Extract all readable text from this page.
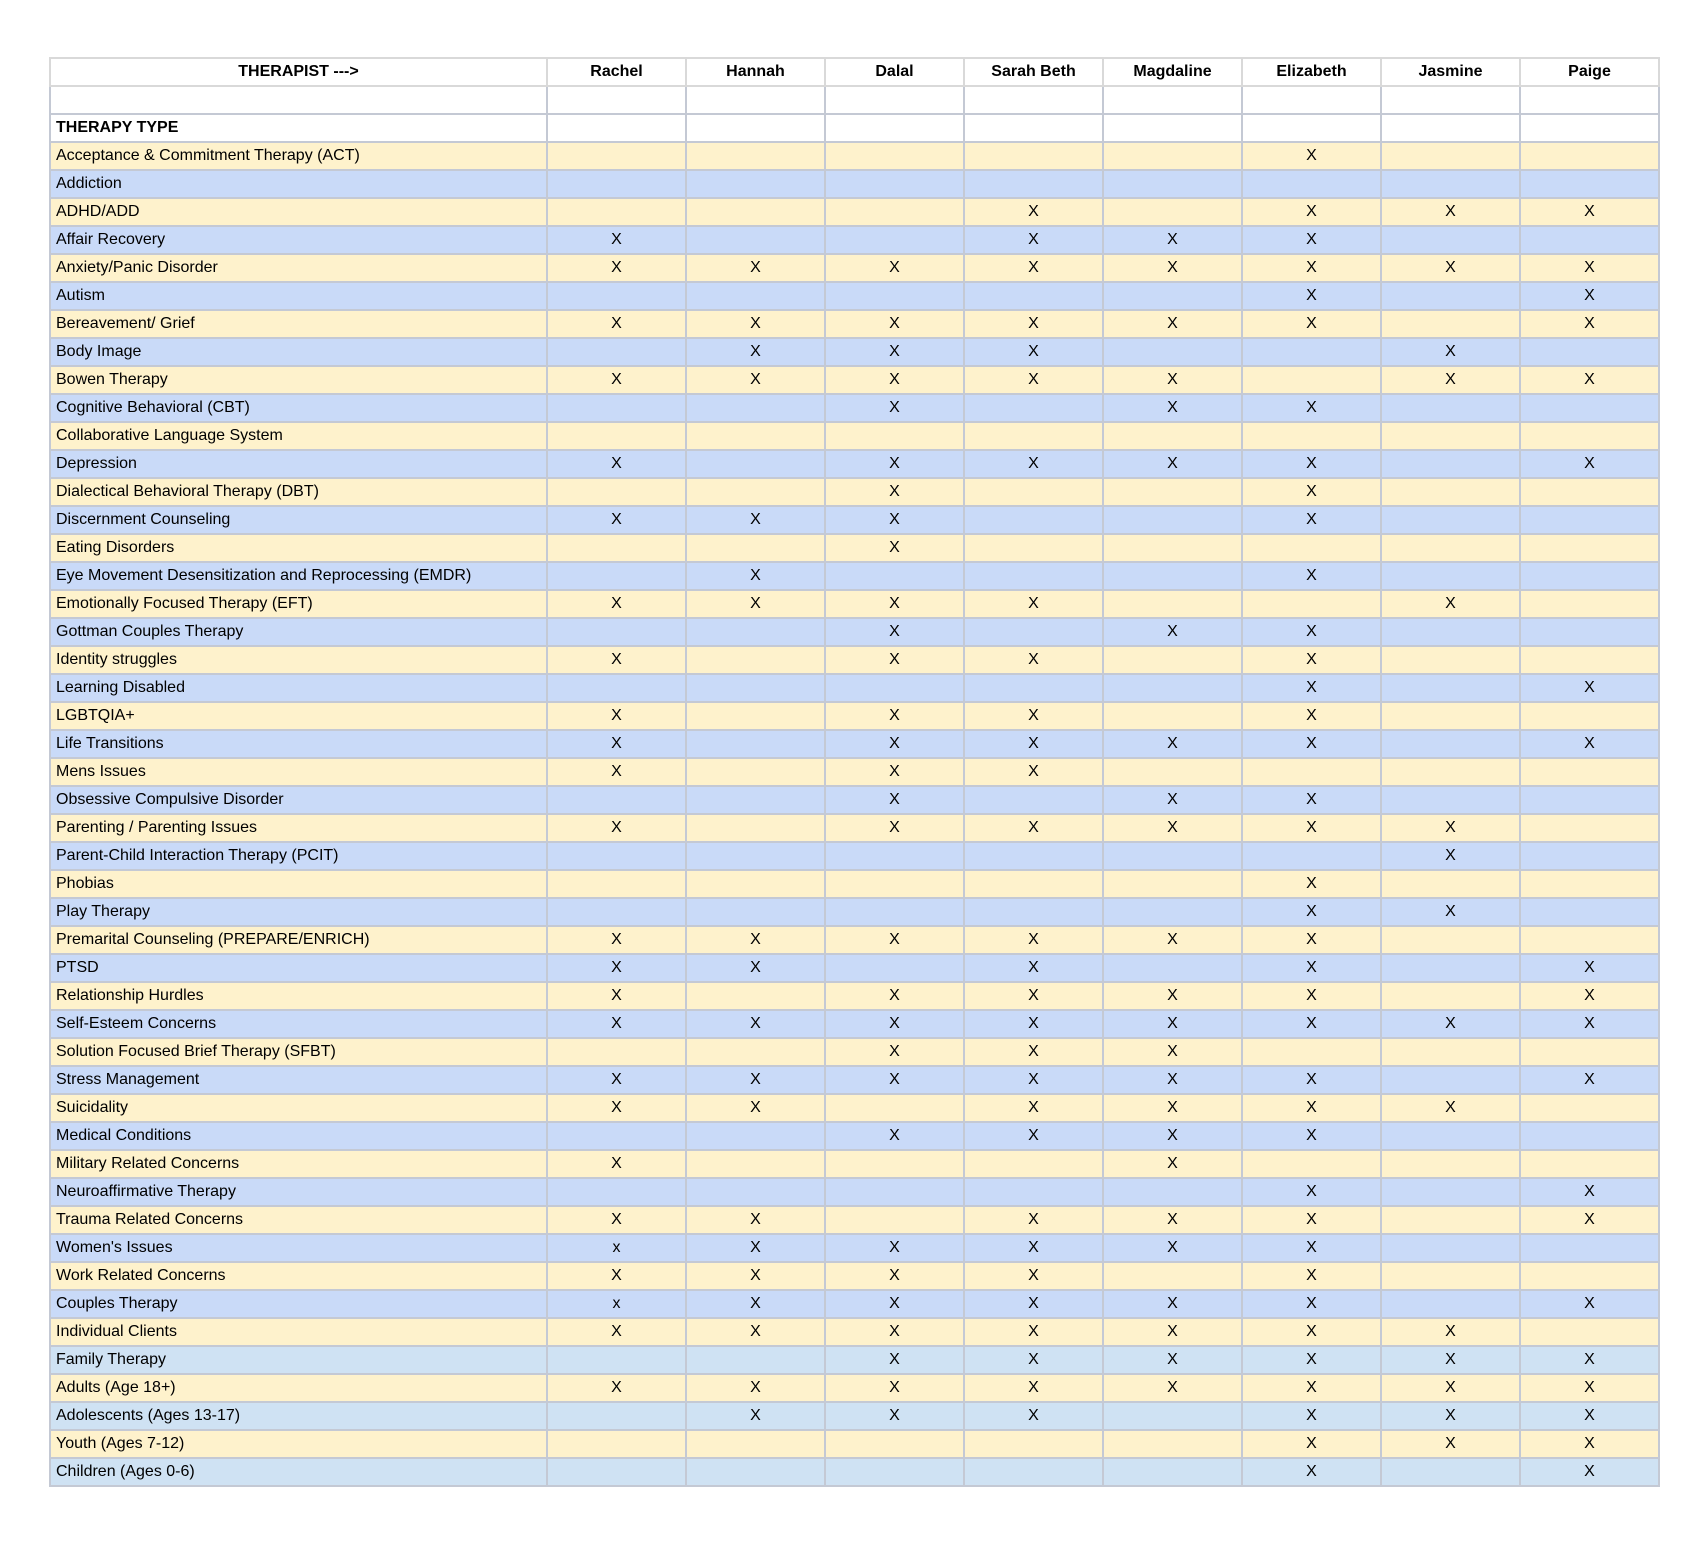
THERAPIST --->	Rachel	Hannah	Dalal	Sarah Beth	Magdaline	Elizabeth	Jasmine	Paige

THERAPY TYPE								
Acceptance & Commitment Therapy (ACT)						X		
Addiction								
ADHD/ADD				X		X	X	X
Affair Recovery	X			X	X	X		
Anxiety/Panic Disorder	X	X	X	X	X	X	X	X
Autism						X		X
Bereavement/ Grief	X	X	X	X	X	X		X
Body Image		X	X	X			X	
Bowen Therapy	X	X	X	X	X		X	X
Cognitive Behavioral (CBT)			X		X	X		
Collaborative Language System								
Depression	X		X	X	X	X		X
Dialectical Behavioral Therapy (DBT)			X			X		
Discernment Counseling	X	X	X			X		
Eating Disorders			X					
Eye Movement Desensitization and Reprocessing (EMDR)		X				X		
Emotionally Focused Therapy (EFT)	X	X	X	X			X	
Gottman Couples Therapy			X		X	X		
Identity struggles	X		X	X		X		
Learning Disabled						X		X
LGBTQIA+	X		X	X		X		
Life Transitions	X		X	X	X	X		X
Mens Issues	X		X	X				
Obsessive Compulsive Disorder			X		X	X		
Parenting / Parenting Issues	X		X	X	X	X	X	
Parent-Child Interaction Therapy (PCIT)							X	
Phobias						X		
Play Therapy						X	X	
Premarital Counseling (PREPARE/ENRICH)	X	X	X	X	X	X		
PTSD	X	X		X		X		X
Relationship Hurdles	X		X	X	X	X		X
Self-Esteem Concerns	X	X	X	X	X	X	X	X
Solution Focused Brief Therapy (SFBT)			X	X	X			
Stress Management	X	X	X	X	X	X		X
Suicidality	X	X		X	X	X	X	
Medical Conditions			X	X	X	X		
Military Related Concerns	X				X			
Neuroaffirmative Therapy						X		X
Trauma Related Concerns	X	X		X	X	X		X
Women's Issues	x	X	X	X	X	X		
Work Related Concerns	X	X	X	X		X		
Couples Therapy	x	X	X	X	X	X		X
Individual Clients	X	X	X	X	X	X	X	
Family Therapy			X	X	X	X	X	X
Adults (Age 18+)	X	X	X	X	X	X	X	X
Adolescents (Ages 13-17)		X	X	X		X	X	X
Youth (Ages 7-12)						X	X	X
Children (Ages 0-6)						X		X
